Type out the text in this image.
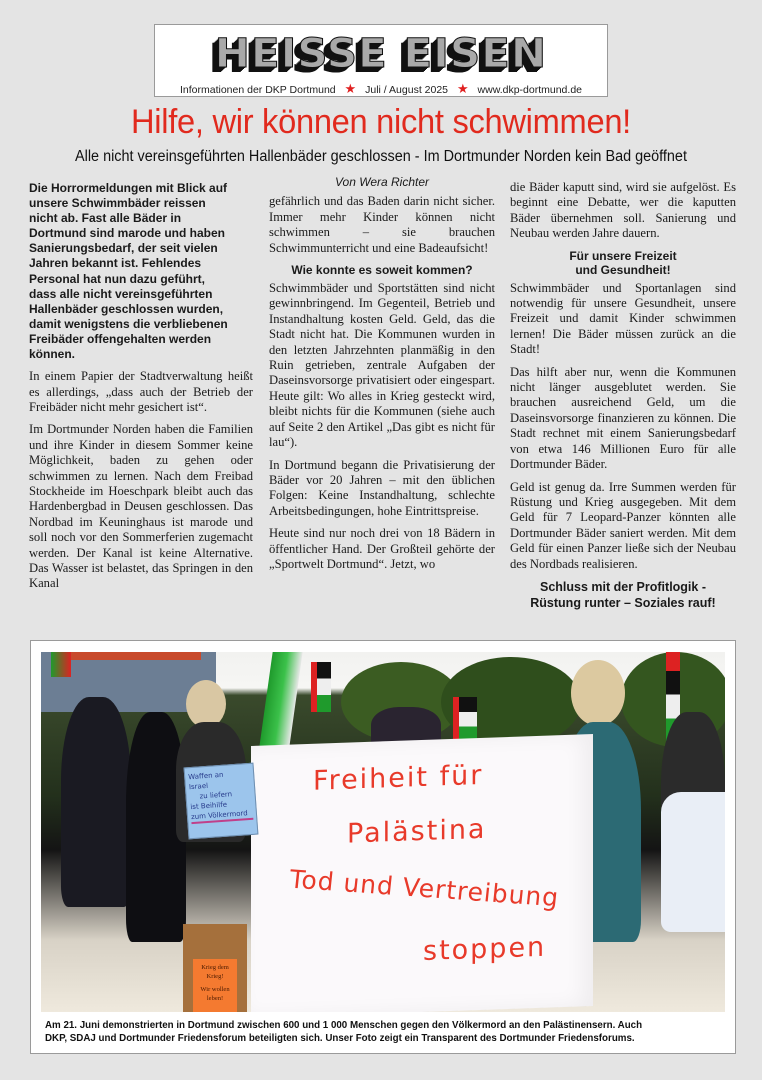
HEISSE EISEN
Informationen der DKP Dortmund ★ Juli / August 2025 ★ www.dkp-dortmund.de
Hilfe, wir können nicht schwimmen!
Alle nicht vereinsgeführten Hallenbäder geschlossen - Im Dortmunder Norden kein Bad geöffnet

Die Horrormeldungen mit Blick auf unsere Schwimmbäder reissen nicht ab. Fast alle Bäder in Dortmund sind marode und haben Sanierungsbedarf, der seit vielen Jahren bekannt ist. Fehlendes Personal hat nun dazu geführt, dass alle nicht vereinsgeführten Hallenbäder geschlossen wurden, damit wenigstens die verbliebenen Freibäder offengehalten werden können.

In einem Papier der Stadtverwaltung heißt es allerdings, „dass auch der Betrieb der Freibäder nicht mehr gesichert ist“.

Im Dortmunder Norden haben die Familien und ihre Kinder in diesem Sommer keine Möglichkeit, baden zu gehen oder schwimmen zu lernen. Nach dem Freibad Stockheide im Hoeschpark bleibt auch das Hardenbergbad in Deusen geschlossen. Das Nordbad im Keuninghaus ist marode und soll noch vor den Sommerferien zugemacht werden. Der Kanal ist keine Alternative. Das Wasser ist belastet, das Springen in den Kanal

Von Wera Richter

gefährlich und das Baden darin nicht sicher. Immer mehr Kinder können nicht schwimmen – sie brauchen Schwimmunterricht und eine Badeaufsicht!

Wie konnte es soweit kommen?

Schwimmbäder und Sportstätten sind nicht gewinnbringend. Im Gegenteil, Betrieb und Instandhaltung kosten Geld. Geld, das die Stadt nicht hat. Die Kommunen wurden in den letzten Jahrzehnten planmäßig in den Ruin getrieben, zentrale Aufgaben der Daseinsvorsorge privatisiert oder eingespart. Heute gilt: Wo alles in Krieg gesteckt wird, bleibt nichts für die Kommunen (siehe auch auf Seite 2 den Artikel „Das gibt es nicht für lau“).

In Dortmund begann die Privatisierung der Bäder vor 20 Jahren – mit den üblichen Folgen: Keine Instandhaltung, schlechte Arbeitsbedingungen, hohe Eintrittspreise.

Heute sind nur noch drei von 18 Bädern in öffentlicher Hand. Der Großteil gehörte der „Sportwelt Dortmund“. Jetzt, wo

die Bäder kaputt sind, wird sie aufgelöst. Es beginnt eine Debatte, wer die kaputten Bäder übernehmen soll. Sanierung und Neubau werden Jahre dauern.

Für unsere Freizeit
und Gesundheit!

Schwimmbäder und Sportanlagen sind notwendig für unsere Gesundheit, unsere Freizeit und damit Kinder schwimmen lernen! Die Bäder müssen zurück an die Stadt!

Das hilft aber nur, wenn die Kommunen nicht länger ausgeblutet werden. Sie brauchen ausreichend Geld, um die Daseinsvorsorge finanzieren zu können. Die Stadt rechnet mit einem Sanierungsbedarf von etwa 146 Millionen Euro für alle Dortmunder Bäder.

Geld ist genug da. Irre Summen werden für Rüstung und Krieg ausgegeben. Mit dem Geld für 7 Leopard-Panzer könnten alle Dortmunder Bäder saniert werden. Mit dem Geld für einen Panzer ließe sich der Neubau des Nordbads realisieren.

Schluss mit der Profitlogik -
Rüstung runter – Soziales rauf!
Krieg dem
Krieg!
Wir wollen
leben!
Freiheit für
Palästina
Tod und Vertreibung
stoppen
Waffen an
Israel
zu liefern
ist Beihilfe
zum Völkermord
Am 21. Juni demonstrierten in Dortmund zwischen 600 und 1 000 Menschen gegen den Völkermord an den Palästinensern. Auch
DKP, SDAJ und Dortmunder Friedensforum beteiligten sich. Unser Foto zeigt ein Transparent des Dortmunder Friedensforums.
